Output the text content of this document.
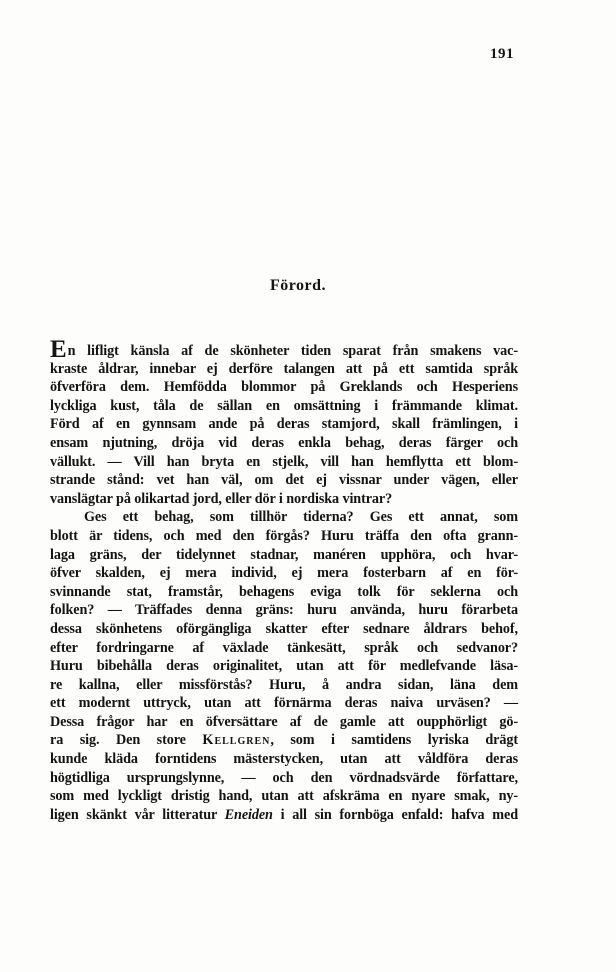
191
Förord.
En lifligt känsla af de skönheter tiden sparat från smakens vac-
kraste åldrar, innebar ej derföre talangen att på ett samtida språk
öfverföra dem. Hemfödda blommor på Greklands och Hesperiens
lyckliga kust, tåla de sällan en omsättning i främmande klimat.
Förd af en gynnsam ande på deras stamjord, skall främlingen, i
ensam njutning, dröja vid deras enkla behag, deras färger och
vällukt. — Vill han bryta en stjelk, vill han hemflytta ett blom-
strande stånd: vet han väl, om det ej vissnar under vägen, eller
vanslägtar på olikartad jord, eller dör i nordiska vintrar?
Ges ett behag, som tillhör tiderna? Ges ett annat, som
blott är tidens, och med den förgås? Huru träffa den ofta grann-
laga gräns, der tidelynnet stadnar, manéren upphöra, och hvar-
öfver skalden, ej mera individ, ej mera fosterbarn af en för-
svinnande stat, framstår, behagens eviga tolk för seklerna och
folken? — Träffades denna gräns: huru använda, huru förarbeta
dessa skönhetens oförgängliga skatter efter sednare åldrars behof,
efter fordringarne af växlade tänkesätt, språk och sedvanor?
Huru bibehålla deras originalitet, utan att för medlefvande läsa-
re kallna, eller missförstås? Huru, å andra sidan, läna dem
ett modernt uttryck, utan att förnärma deras naiva urväsen? —
Dessa frågor har en öfversättare af de gamle att oupphörligt gö-
ra sig. Den store Kellgren, som i samtidens lyriska drägt
kunde kläda forntidens mästerstycken, utan att våldföra deras
högtidliga ursprungslynne, — och den vördnadsvärde författare,
som med lyckligt dristig hand, utan att afskräma en nyare smak, ny-
ligen skänkt vår litteratur Eneiden i all sin fornböga enfald: hafva med
